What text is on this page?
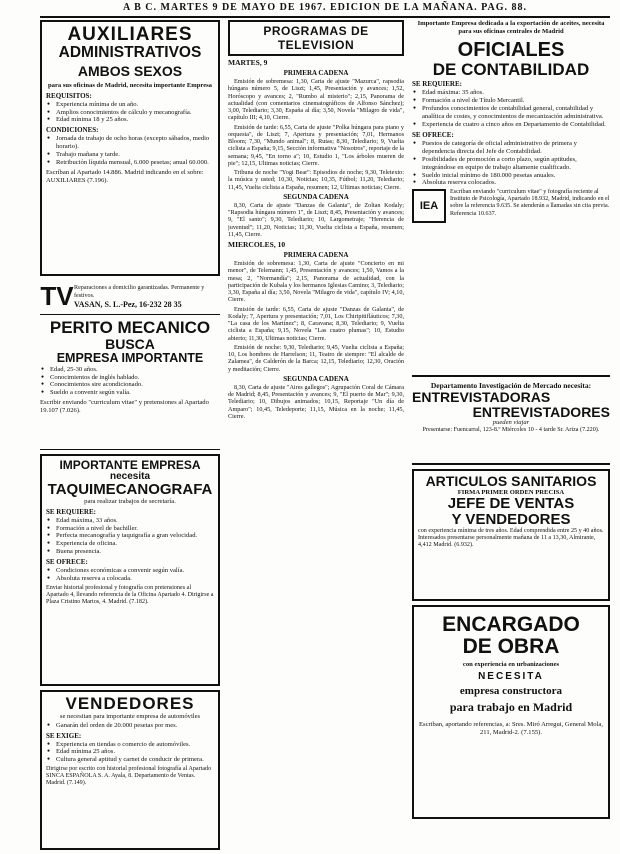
A B C. MARTES 9 DE MAYO DE 1967. EDICION DE LA MAÑANA. PAG. 88.
AUXILIARES
ADMINISTRATIVOS
AMBOS SEXOS
para sus oficinas de Madrid, necesita importante Empresa
REQUISITOS:
● Experiencia mínima de un año.
● Amplios conocimientos de cálculo y mecanografía.
● Edad mínima 18 y 25 años.
CONDICIONES:
● Jornada de trabajo de ocho horas (excepto sábados, medio horario).
● Trabajo mañana y tarde.
● Retribución líquida mensual, 6.000 pesetas; anual 60.000.
Escríban al Apartado 14.886. Madrid indicando en el sobre: AUXILIARES (7.196).
TV Reparaciones a domicilio garantizadas. Permanente y festivos.
VASAN, S. L.-Pez, 16-232 28 35
PERITO MECANICO
BUSCA
EMPRESA IMPORTANTE
● Edad, 25-30 años.
● Conocimientos de inglés hablado.
● Conocimientos sire acondicionado.
● Sueldo a convenir según valía.
Escribir enviando "curriculum vitae" y pretensiones al Apartado 19.107 (7.026).
IMPORTANTE EMPRESA
necesita
TAQUIMECANOGRAFA
para realizar trabajos de secretaría.
SE REQUIERE:
● Edad máxima, 33 años.
● Formación a nivel de bachiller.
● Perfecta mecanografía y taquigrafía a gran velocidad.
● Experiencia de oficina.
● Buena presencia.
SE OFRECE:
● Condiciones económicas a convenir según valía.
● Absoluta reserva a colocada.
Enviar historial profesional y fotografía con pretensiones al Apartado 4, llevando referencia de la Oficina Apartado 4. Dirigirse a Plaza Cristino Martos, 4. Madrid. (7.182).
VENDEDORES
se necesitan para importante empresa de automóviles
● Ganarán del orden de 20.000 pesetas por mes.
SE EXIGE:
● Experiencia en tiendas o comercio de automóviles.
● Edad mínima 25 años.
● Cultura general aptitud y carnet de conducir de primera.
Dirigirse por escrito con historial profesional fotografía al Apartado SINCA ESPAÑOLA S. A. Ayala, 8. Departamento de Ventas. Madrid. (7.149).
PROGRAMAS DE TELEVISION
MARTES, 9
PRIMERA CADENA

Emisión de sobremesa: 1,30, Carta de ajuste "Mazurca", rapsodia húngara número 5, de Liszt; 1,45, Presentación y avances; 1,52, Horóscopo y avances; 2, "Rumbo al misterio"; 2,15, Panorama de actualidad (con comentarios cinematográficos de Alfonso Sánchez); 3,00, Telediario; 3,30, España al día; 3,50, Novela "Milagro de vida", capítulo III; 4,10, Cierre.

Emisión de tarde: 6,55, Carta de ajuste "Polka húngara para piano y orquesta", de Liszt; 7, Apertura y presentación; 7,01, Hermanos Bloom; 7,30, "Mundo animal"; 8, Rutas; 8,30, Telediario; 9, Vuelta ciclista a España; 9,15, Sección informativa "Nosotros", reportaje de la semana; 9,45, "En torno a"; 10, Estudio 1, "Los árboles mueren de pie"; 12,15, Ultimas noticias; Cierre.

Tribuna de noche "Yogi Bear": Episodios de noche; 9,30, Teletexto: la música y usted; 10,30, Noticias; 10,35, Fútbol; 11,20, Telediario; 11,45, Vuelta ciclista a España, resumen; 12, Ultimas noticias; Cierre.

SEGUNDA CADENA

8,30, Carta de ajuste "Danzas de Galanta", de Zoltan Kodaly; "Rapsodia húngara número 1", de Liszt; 8,45, Presentación y avances; 9, "El santo"; 9,30, Telediario; 10, Largometraje; "Herencia de juventud"; 11,20, Noticias; 11,30, Vuelta ciclista a España, resumen; 11,45, Cierre.

MIERCOLES, 10
PRIMERA CADENA

Emisión de sobremesa: 1,30, Carta de ajuste "Concierto en mi menor", de Telemann; 1,45, Presentación y avances; 1,50, Vamos a la mesa; 2, "Normandía"; 2,15, Panorama de actualidad, con la participación de Kubala y los hermanos Iglesias Camino; 3, Telediario; 3,30, España al día; 3,50, Novela "Milagro de vida", capítulo IV; 4,10, Cierre.

Emisión de tarde: 6,55, Carta de ajuste "Danzas de Galanta", de Kodaly; 7, Apertura y presentación; 7,01, Los Chiripitifláuticos; 7,30, "La casa de los Martínez"; 8, Caravana; 8,30, Telediario; 9, Vuelta ciclista a España; 9,15, Novela "Las cuatro plumas"; 10, Estudio abierto; 11,30, Ultimas noticias; Cierre.

Emisión de noche: 9,30, Telediario; 9,45, Vuelta ciclista a España; 10, Los hombres de Harrelson; 11, Teatro de siempre: "El alcalde de Zalamea", de Calderón de la Barca; 12,15, Telediario; 12,30, Oración y meditación; Cierre.

SEGUNDA CADENA

8,30, Carta de ajuste "Aires gallegos"; Agrupación Coral de Cámara de Madrid; 8,45, Presentación y avances; 9, "El puerto de Mar"; 9,30, Telediario; 10, Dibujos animados; 10,15, Reportaje "Un día de Amparo"; 10,45, Teledeporte; 11,15, Música en la noche; 11,45, Cierre.

Importante Empresa dedicada a la exportación de aceites, necesita para sus oficinas centrales de Madrid
OFICIALES
DE CONTABILIDAD
SE REQUIERE:
● Edad máxima: 35 años.
● Formación a nivel de Título Mercantil.
● Profundos conocimientos de contabilidad general, contabilidad y analítica de costes, y conocimientos de mecanización administrativa.
● Experiencia de cuatro a cinco años en Departamento de Contabilidad.
SE OFRECE:
● Puestos de categoría de oficial administrativo de primera y dependencia directa del Jefe de Contabilidad.
● Posibilidades de promoción a corto plazo, según aptitudes, integrándose en equipo de trabajo altamente cualificado.
● Sueldo inicial mínimo de 180.000 pesetas anuales.
● Absoluta reserva colocados.
IEA
Escriban enviando "curriculum vitae" y fotografía reciente al Instituto de Psicología, Apartado 18.932, Madrid, indicando en el sobre la referencia 9.635. Se atenderán a llamadas sin cita previa. Referencia 10.637.
Departamento Investigación de Mercado necesita:
ENTREVISTADORAS
ENTREVISTADORES
pueden viajar
Presentarse: Fuencarral, 123-8.º Miércoles 10 - 4 tarde Sr. Ariza (7.220).
ARTICULOS SANITARIOS
FIRMA PRIMER ORDEN PRECISA
JEFE DE VENTAS
Y VENDEDORES
con experiencia mínima de tres años. Edad comprendida entre 25 y 40 años. Interesados presentarse personalmente mañana de 11 a 13,30, Almirante, 4,412 Madrid. (6.932).
ENCARGADO
DE OBRA
con experiencia en urbanizaciones
NECESITA
empresa constructora
para trabajo en Madrid
Escriban, aportando referencias, a: Sres. Miró Arregui, General Mola, 211, Madrid-2. (7.155).
